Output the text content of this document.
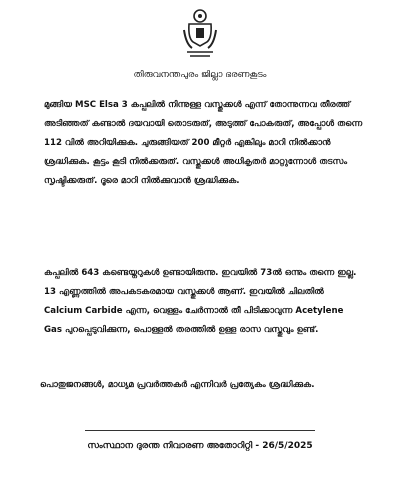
തിരുവനന്തപുരം ജില്ലാ ഭരണകൂടം

മുങ്ങിയ MSC Elsa 3 കപ്പലിൽ നിന്നുള്ള വസ്തുക്കൾ എന്ന് തോന്നുന്നവ തീരത്ത് അടിഞ്ഞത് കണ്ടാൽ ദയവായി തൊടരുത്, അടുത്ത് പോകരുത്, അപ്പോൾ തന്നെ 112 വിൽ അറിയിക്കുക. ചുരുങ്ങിയത് 200 മീറ്റർ എങ്കിലും മാറി നിൽക്കാൻ ശ്രദ്ധിക്കുക. കൂട്ടം കൂടി നിൽക്കരുത്. വസ്തുക്കൾ അധികൃതർ മാറ്റുന്നോൾ തടസം സൃഷ്ടിക്കരുത്. ദൂരെ മാറി നിൽക്കുവാൻ ശ്രദ്ധിക്കുക.

കപ്പലിൽ 643 കണ്ടെയ്നറുകൾ ഉണ്ടായിരുന്നു. ഇവയിൽ 73ൽ ഒന്നും തന്നെ ഇല്ല. 13 എണ്ണത്തിൽ അപകടകരമായ വസ്തുക്കൾ ആണ്. ഇവയിൽ ചിലതിൽ Calcium Carbide എന്ന, വെള്ളം ചേർന്നാൽ തീ പിടിക്കാവുന്ന Acetylene Gas പുറപ്പെടുവിക്കുന്ന, പൊള്ളൽ തരത്തിൽ ഉള്ള രാസ വസ്തുവും ഉണ്ട്.

പൊതുജനങ്ങൾ, മാധ്യമ പ്രവർത്തകർ എന്നിവർ പ്രത്യേകം ശ്രദ്ധിക്കുക.

സംസ്ഥാന ദുരന്ത നിവാരണ അതോറിറ്റി - 26/5/2025
